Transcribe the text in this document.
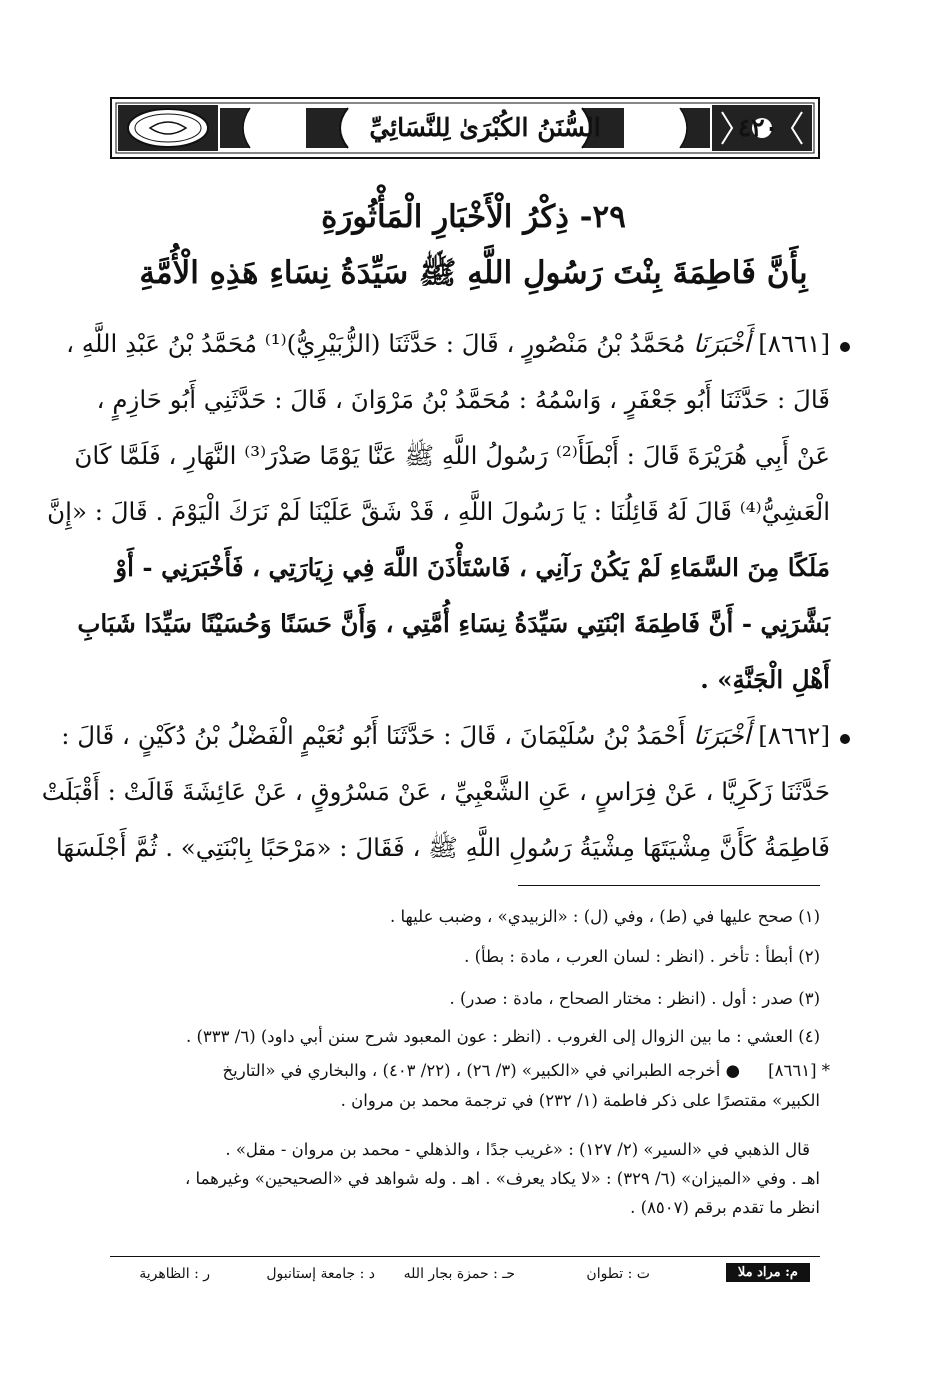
٤٢٠
السُّنَنُ الكُبْرَىٰ لِلنَّسَائِيِّ
٢٩- ذِكْرُ الْأَخْبَارِ الْمَأْثُورَةِ
بِأَنَّ فَاطِمَةَ بِنْتَ رَسُولِ اللَّهِ ﷺ سَيِّدَةُ نِسَاءِ هَذِهِ الْأُمَّةِ
[٨٦٦١] أَخْبَرَنَا مُحَمَّدُ بْنُ مَنْصُورٍ ، قَالَ : حَدَّثَنَا (الزُّبَيْرِيُّ)⁽¹⁾ مُحَمَّدُ بْنُ عَبْدِ اللَّهِ ،
قَالَ : حَدَّثَنَا أَبُو جَعْفَرٍ ، وَاسْمُهُ : مُحَمَّدُ بْنُ مَرْوَانَ ، قَالَ : حَدَّثَنِي أَبُو حَازِمٍ ،
عَنْ أَبِي هُرَيْرَةَ قَالَ : أَبْطَأَ⁽²⁾ رَسُولُ اللَّهِ ﷺ عَنَّا يَوْمًا صَدْرَ⁽³⁾ النَّهَارِ ، فَلَمَّا كَانَ
الْعَشِيُّ⁽⁴⁾ قَالَ لَهُ قَائِلُنَا : يَا رَسُولَ اللَّهِ ، قَدْ شَقَّ عَلَيْنَا لَمْ نَرَكَ الْيَوْمَ . قَالَ : «إِنَّ
مَلَكًا مِنَ السَّمَاءِ لَمْ يَكُنْ رَآنِي ، فَاسْتَأْذَنَ اللَّهَ فِي زِيَارَتِي ، فَأَخْبَرَنِي - أَوْ
بَشَّرَنِي - أَنَّ فَاطِمَةَ ابْنَتِي سَيِّدَةُ نِسَاءِ أُمَّتِي ، وَأَنَّ حَسَنًا وَحُسَيْنًا سَيِّدَا شَبَابِ
أَهْلِ الْجَنَّةِ» .
[٨٦٦٢] أَخْبَرَنَا أَحْمَدُ بْنُ سُلَيْمَانَ ، قَالَ : حَدَّثَنَا أَبُو نُعَيْمٍ الْفَضْلُ بْنُ دُكَيْنٍ ، قَالَ :
حَدَّثَنَا زَكَرِيَّا ، عَنْ فِرَاسٍ ، عَنِ الشَّعْبِيِّ ، عَنْ مَسْرُوقٍ ، عَنْ عَائِشَةَ قَالَتْ : أَقْبَلَتْ
فَاطِمَةُ كَأَنَّ مِشْيَتَهَا مِشْيَةُ رَسُولِ اللَّهِ ﷺ ، فَقَالَ : «مَرْحَبًا بِابْنَتِي» . ثُمَّ أَجْلَسَهَا
(١) صحح عليها في (ط) ، وفي (ل) : «الزبيدي» ، وضبب عليها .
(٢) أبطأ : تأخر . (انظر : لسان العرب ، مادة : بطأ) .
(٣) صدر : أول . (انظر : مختار الصحاح ، مادة : صدر) .
(٤) العشي : ما بين الزوال إلى الغروب . (انظر : عون المعبود شرح سنن أبي داود) (٦/ ٣٣٣) .
* [٨٦٦١]
● أخرجه الطبراني في «الكبير» (٣/ ٢٦) ، (٢٢/ ٤٠٣) ، والبخاري في «التاريخ
الكبير» مقتصرًا على ذكر فاطمة (١/ ٢٣٢) في ترجمة محمد بن مروان .
قال الذهبي في «السير» (٢/ ١٢٧) : «غريب جدًا ، والذهلي - محمد بن مروان - مقل» .
اهـ . وفي «الميزان» (٦/ ٣٢٩) : «لا يكاد يعرف» . اهـ . وله شواهد في «الصحيحين» وغيرهما ،
انظر ما تقدم برقم (٨٥٠٧) .
م: مراد ملا
ت : تطوان
حـ : حمزة بجار الله
د : جامعة إستانبول
ر : الظاهرية
